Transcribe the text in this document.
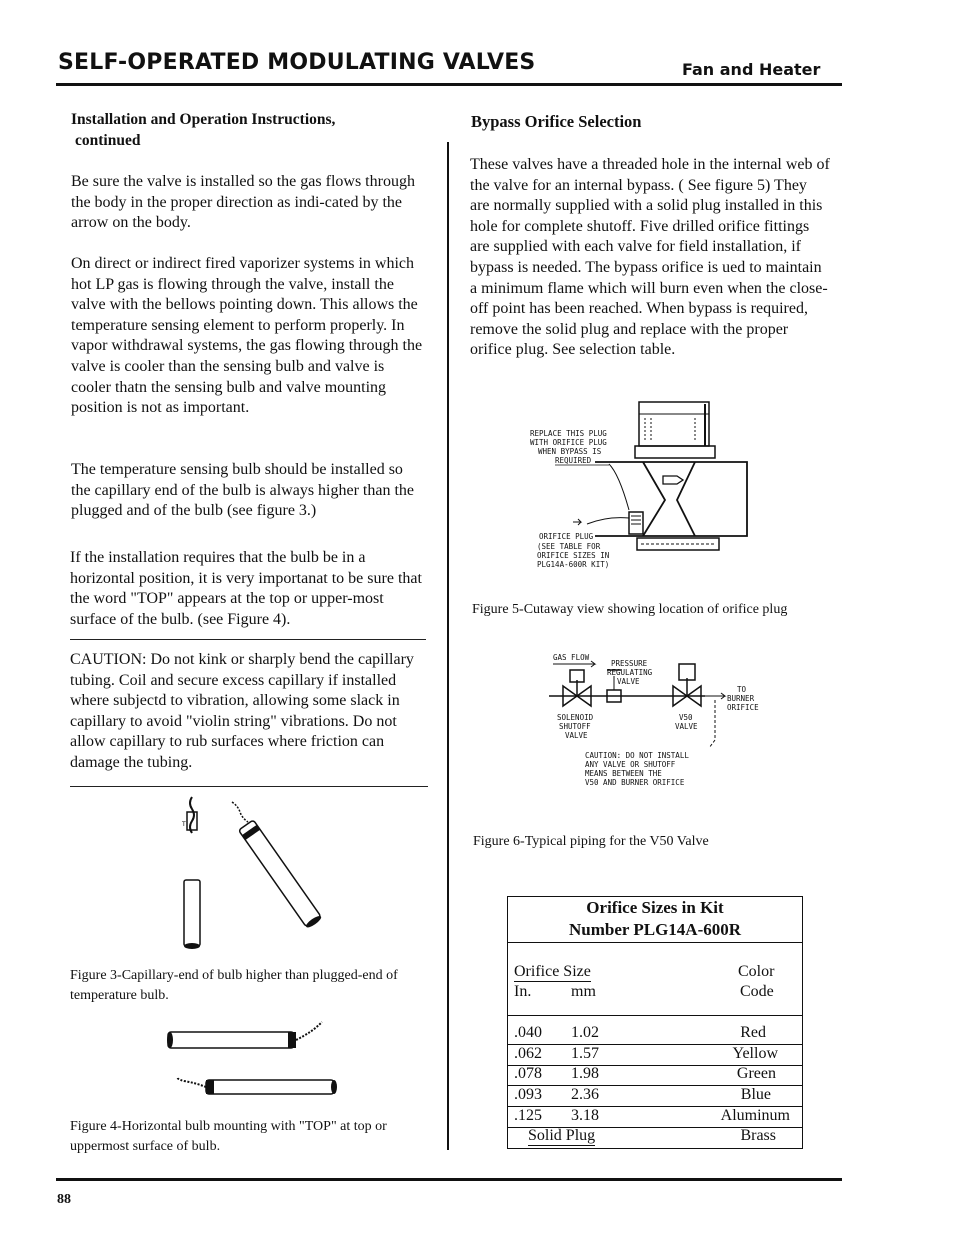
SELF-OPERATED MODULATING VALVES	Fan and Heater
Installation and Operation Instructions,
continued

Be sure the valve is installed so the gas flows through the body in the proper direction as indi-cated by the arrow on the body.

On direct or indirect fired vaporizer systems in which hot LP gas is flowing through the valve, install the valve with the bellows pointing down. This allows the temperature sensing element to perform properly. In vapor withdrawal systems, the gas flowing through the valve is cooler than the sensing bulb and valve is cooler thatn the sensing bulb and valve mounting position is not as important.

The temperature sensing bulb should be installed so the capillary end of the bulb is always higher than the plugged and of the bulb (see figure 3.)

If the installation requires that the bulb be in a horizontal position, it is very importanat to be sure that the word "TOP" appears at the top or upper-most surface of the bulb. (see Figure 4).

CAUTION: Do not kink or sharply bend the capillary tubing. Coil and secure excess capillary if installed where subjectd to vibration, allowing some slack in capillary to avoid "violin string" vibrations. Do not allow capillary to rub surfaces where friction can damage the tubing.

T
Figure 3-Capillary-end of bulb higher than plugged-end of temperature bulb.
Figure 4-Horizontal bulb mounting with "TOP" at top or uppermost surface of bulb.
Bypass Orifice Selection

These valves have a threaded hole in the internal web of the valve for an internal bypass. ( See figure 5) They are normally supplied with a solid plug installed in this hole for complete shutoff. Five drilled orifice fittings are supplied with each valve for field installation, if bypass is needed. The bypass orifice is ued to maintain a minimum flame which will burn even when the close-off point has been reached. When bypass is required, remove the solid plug and replace with the proper orifice plug. See selection table.

REPLACE THIS PLUG
WITH ORIFICE PLUG
WHEN BYPASS IS
REQUIRED
ORIFICE PLUG
(SEE TABLE FOR
ORIFICE SIZES IN
PLG14A-600R KIT)
Figure 5-Cutaway view showing location of orifice plug
GAS FLOW
PRESSURE
REGULATING
VALVE
TO
BURNER
ORIFICE
SOLENOID
SHUTOFF
VALVE
V50
VALVE
CAUTION: DO NOT INSTALL
ANY VALVE OR SHUTOFF
MEANS BETWEEN THE
V50 AND BURNER ORIFICE
Figure 6-Typical piping for the V50 Valve
Orifice Sizes in Kit
Number PLG14A-600R
Orifice Size	Color
In. mm	Code
.040 1.02	Red
.062 1.57	Yellow
.078 1.98	Green
.093 2.36	Blue
.125 3.18	Aluminum
Solid Plug	Brass
88
